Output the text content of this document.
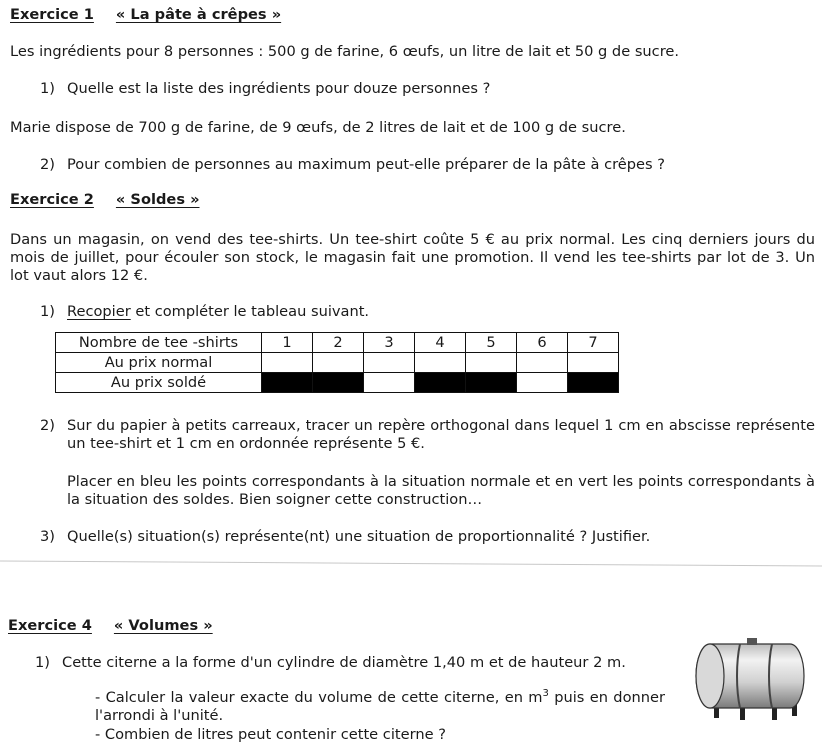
Exercice 1 « La pâte à crêpes »

Les ingrédients pour 8 personnes : 500 g de farine, 6 œufs, un litre de lait et 50 g de sucre.

1) Quelle est la liste des ingrédients pour douze personnes ?

Marie dispose de 700 g de farine, de 9 œufs, de 2 litres de lait et de 100 g de sucre.

2) Pour combien de personnes au maximum peut-elle préparer de la pâte à crêpes ?
Exercice 2 « Soldes »

Dans un magasin, on vend des tee-shirts. Un tee-shirt coûte 5 € au prix normal. Les cinq derniers jours du mois de juillet, pour écouler son stock, le magasin fait une promotion. Il vend les tee-shirts par lot de 3. Un lot vaut alors 12 €.

1) Recopier et compléter le tableau suivant.
Nombre de tee -shirts	1	2	3	4	5	6	7
Au prix normal							
Au prix soldé							
2) Sur du papier à petits carreaux, tracer un repère orthogonal dans lequel 1 cm en abscisse représente un tee-shirt et 1 cm en ordonnée représente 5 €.
Placer en bleu les points correspondants à la situation normale et en vert les points correspondants à la situation des soldes. Bien soigner cette construction…
3) Quelle(s) situation(s) représente(nt) une situation de proportionnalité ? Justifier.
Exercice 4 « Volumes »
1) Cette citerne a la forme d'un cylindre de diamètre 1,40 m et de hauteur 2 m.
- Calculer la valeur exacte du volume de cette citerne, en $m^3$ puis en donner l'arrondi à l'unité.
- Combien de litres peut contenir cette citerne ?
